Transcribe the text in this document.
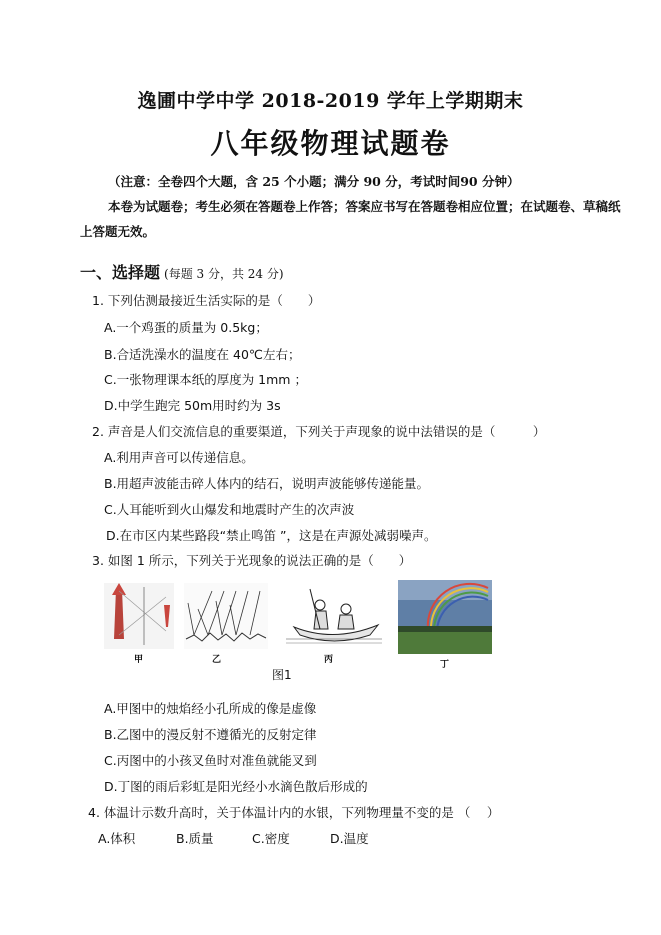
逸圃中学中学 2018-2019 学年上学期期末
八年级物理试题卷
（注意：全卷四个大题，含 25 个小题；满分 90 分，考试时间90 分钟）
本卷为试题卷；考生必须在答题卷上作答；答案应书写在答题卷相应位置；在试题卷、草稿纸
上答题无效。
一、选择题 (每题 3 分，共 24 分)
1. 下列估测最接近生活实际的是（　　）
A.一个鸡蛋的质量为 0.5kg；
B.合适洗澡水的温度在 40℃左右；
C.一张物理课本纸的厚度为 1mm ；
D.中学生跑完 50m用时约为 3s
2. 声音是人们交流信息的重要渠道，下列关于声现象的说中法错误的是（　　　）
A.利用声音可以传递信息。
B.用超声波能击碎人体内的结石，说明声波能够传递能量。
C.人耳能听到火山爆发和地震时产生的次声波
D.在市区内某些路段“禁止鸣笛 ”，这是在声源处减弱噪声。
3. 如图 1 所示，下列关于光现象的说法正确的是（　　）
甲	乙	丙	丁
图1
A.甲图中的烛焰经小孔所成的像是虚像
B.乙图中的漫反射不遵循光的反射定律
C.丙图中的小孩叉鱼时对准鱼就能叉到
D.丁图的雨后彩虹是阳光经小水滴色散后形成的
4. 体温计示数升高时，关于体温计内的水银，下列物理量不变的是 （　 ）
A.体积	B.质量	C.密度	D.温度
